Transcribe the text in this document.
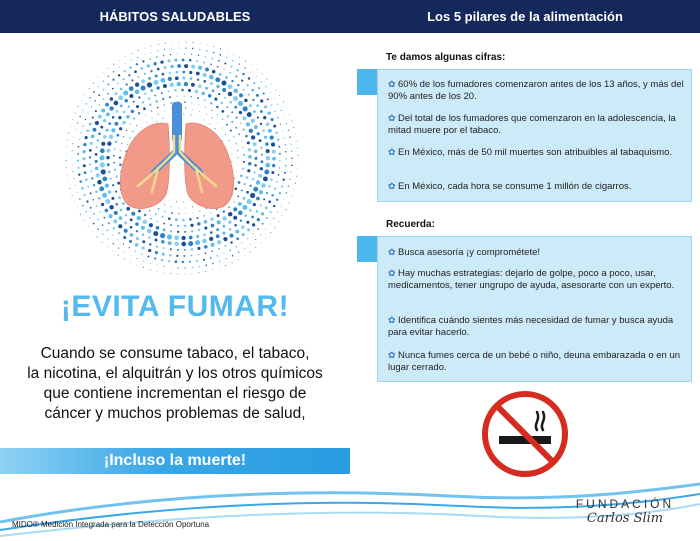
HÁBITOS SALUDABLES	Los 5 pilares de la alimentación
¡EVITA FUMAR!
Cuando se consume tabaco, el tabaco,
la nicotina, el alquitrán y los otros químicos
que contiene incrementan el riesgo de
cáncer y muchos problemas de salud,
¡Incluso la muerte!
Te damos algunas cifras:
✿ 60% de los fumadores comenzaron antes de los 13 años, y más del 90% antes de los 20.
✿ Del total de los fumadores que comenzaron en la adolescencia, la mitad muere por el tabaco.
✿ En México, más de 50 mil muertes son atribuibles al tabaquismo.
✿ En México, cada hora se consume 1 millón de cigarros.
Recuerda:
✿ Busca asesoría ¡y comprométete!
✿ Hay muchas estrategias: dejarlo de golpe, poco a poco, usar, medicamentos, tener ungrupo de ayuda, asesorarte con un experto.
✿ Identifica cuándo sientes más necesidad de fumar y busca ayuda para evitar hacerlo.
✿ Nunca fumes cerca de un bebé o niño, deuna embarazada o en un lugar cerrado.
MIDO® Medición Integrada para la Detección Oportuna
FUNDACIÓN
Carlos Slim
